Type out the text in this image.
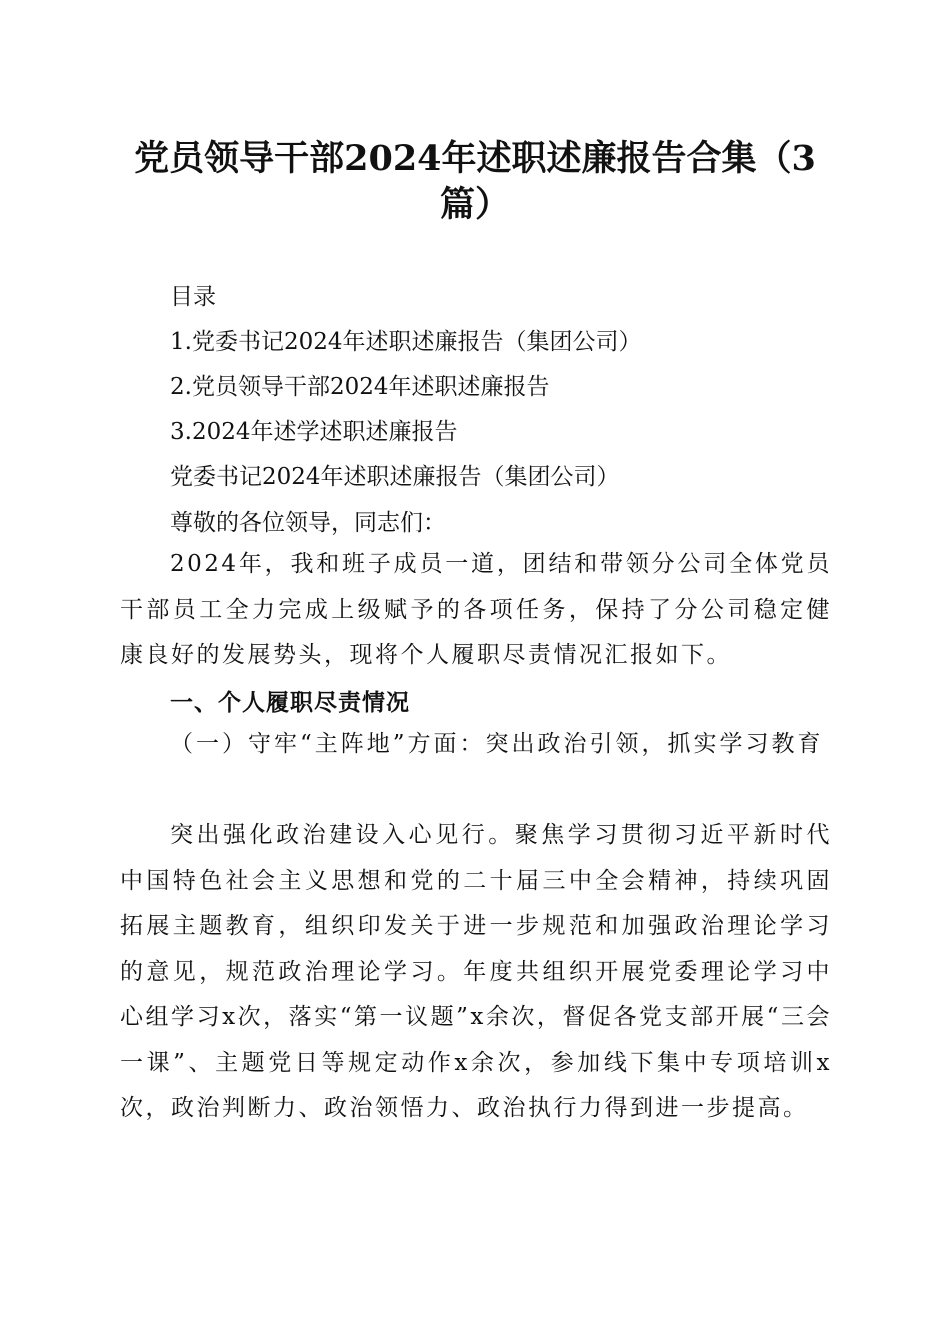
党员领导干部2024年述职述廉报告合集（3篇）
目录
1.党委书记2024年述职述廉报告（集团公司）
2.党员领导干部2024年述职述廉报告
3.2024年述学述职述廉报告
党委书记2024年述职述廉报告（集团公司）
尊敬的各位领导，同志们：
2024年，我和班子成员一道，团结和带领分公司全体党员干部员工全力完成上级赋予的各项任务，保持了分公司稳定健康良好的发展势头，现将个人履职尽责情况汇报如下。
一、个人履职尽责情况
（一）守牢“主阵地”方面：突出政治引领，抓实学习教育
突出强化政治建设入心见行。聚焦学习贯彻习近平新时代中国特色社会主义思想和党的二十届三中全会精神，持续巩固拓展主题教育，组织印发关于进一步规范和加强政治理论学习的意见，规范政治理论学习。年度共组织开展党委理论学习中心组学习x次，落实“第一议题”x余次，督促各党支部开展“三会一课”、主题党日等规定动作x余次，参加线下集中专项培训x次，政治判断力、政治领悟力、政治执行力得到进一步提高。
